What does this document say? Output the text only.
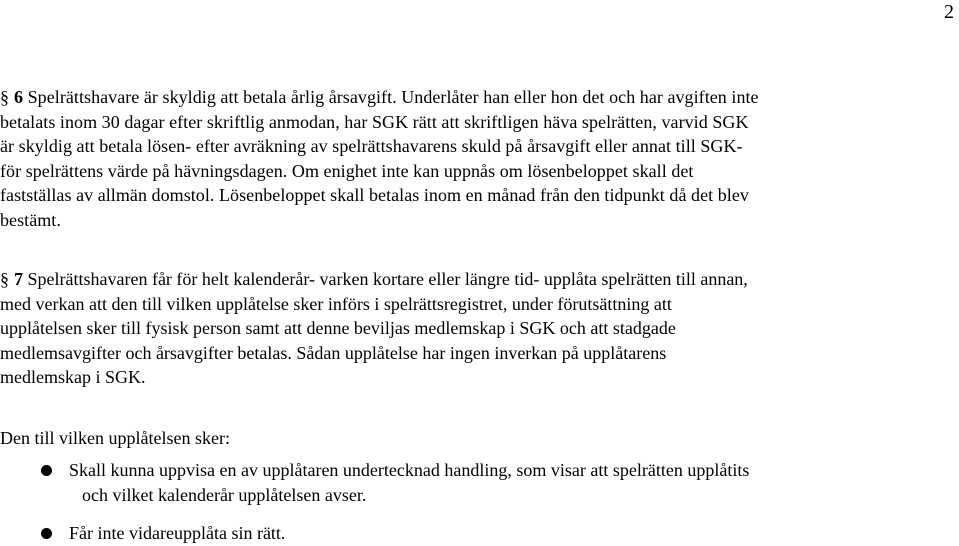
2
§ 6 Spelrättshavare är skyldig att betala årlig årsavgift. Underlåter han eller hon det och har avgiften inte
betalats inom 30 dagar efter skriftlig anmodan, har SGK rätt att skriftligen häva spelrätten, varvid SGK
är skyldig att betala lösen- efter avräkning av spelrättshavarens skuld på årsavgift eller annat till SGK-
för spelrättens värde på hävningsdagen. Om enighet inte kan uppnås om lösenbeloppet skall det
fastställas av allmän domstol. Lösenbeloppet skall betalas inom en månad från den tidpunkt då det blev
bestämt.
§ 7 Spelrättshavaren får för helt kalenderår- varken kortare eller längre tid- upplåta spelrätten till annan,
med verkan att den till vilken upplåtelse sker införs i spelrättsregistret, under förutsättning att
upplåtelsen sker till fysisk person samt att denne beviljas medlemskap i SGK och att stadgade
medlemsavgifter och årsavgifter betalas. Sådan upplåtelse har ingen inverkan på upplåtarens
medlemskap i SGK.
Den till vilken upplåtelsen sker:
Skall kunna uppvisa en av upplåtaren undertecknad handling, som visar att spelrätten upplåtits
och vilket kalenderår upplåtelsen avser.
Får inte vidareupplåta sin rätt.
